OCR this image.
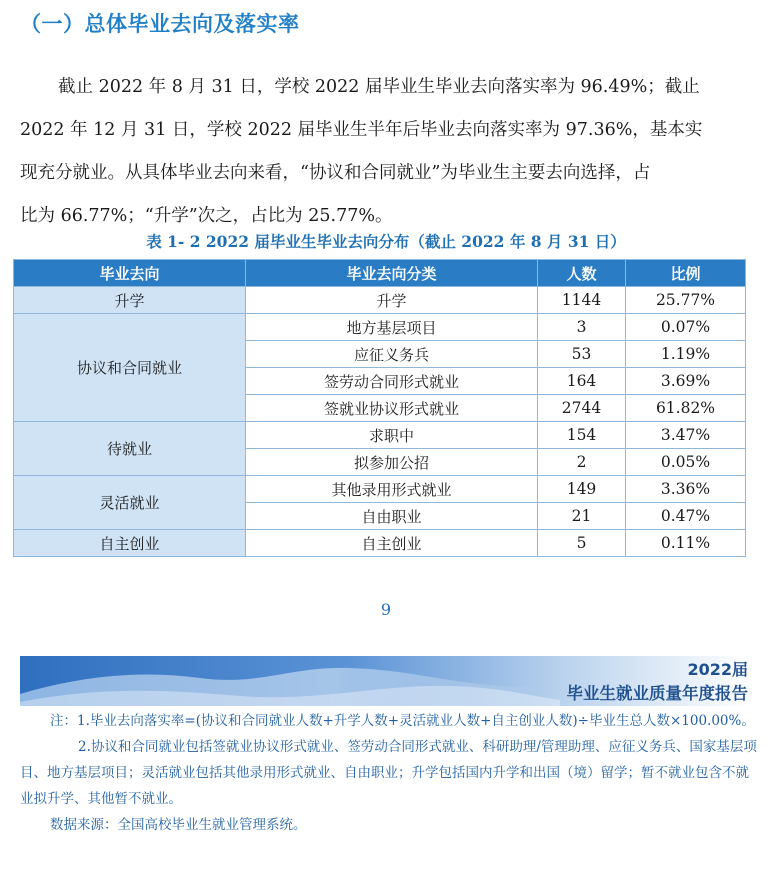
（一）总体毕业去向及落实率

截止 2022 年 8 月 31 日，学校 2022 届毕业生毕业去向落实率为 96.49%；截止

2022 年 12 月 31 日，学校 2022 届毕业生半年后毕业去向落实率为 97.36%，基本实

现充分就业。从具体毕业去向来看，“协议和合同就业”为毕业生主要去向选择，占

比为 66.77%；“升学”次之，占比为 25.77%。

表 1- 2 2022 届毕业生毕业去向分布（截止 2022 年 8 月 31 日）
毕业去向	毕业去向分类	人数	比例
升学	升学	1144	25.77%
协议和合同就业	地方基层项目	3	0.07%
	应征义务兵	53	1.19%
	签劳动合同形式就业	164	3.69%
	签就业协议形式就业	2744	61.82%
待就业	求职中	154	3.47%
	拟参加公招	2	0.05%
灵活就业	其他录用形式就业	149	3.36%
	自由职业	21	0.47%
自主创业	自主创业	5	0.11%
9
2022届
毕业生就业质量年度报告

注：1.毕业去向落实率=(协议和合同就业人数+升学人数+灵活就业人数+自主创业人数)÷毕业生总人数×100.00%。

2.协议和合同就业包括签就业协议形式就业、签劳动合同形式就业、科研助理/管理助理、应征义务兵、国家基层项目、地方基层项目；灵活就业包括其他录用形式就业、自由职业；升学包括国内升学和出国（境）留学；暂不就业包含不就业拟升学、其他暂不就业。

数据来源：全国高校毕业生就业管理系统。
